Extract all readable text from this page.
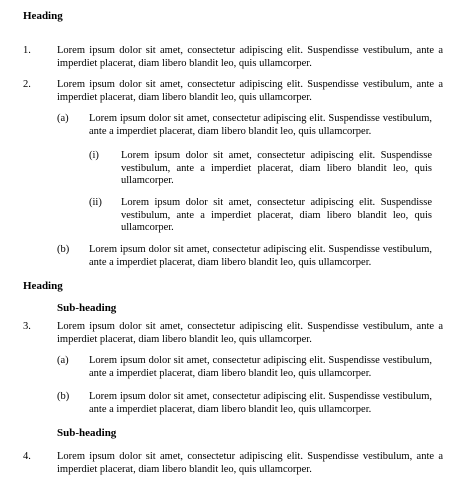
Heading
1. Lorem ipsum dolor sit amet, consectetur adipiscing elit. Suspendisse vestibulum, ante a imperdiet placerat, diam libero blandit leo, quis ullamcorper.

2. Lorem ipsum dolor sit amet, consectetur adipiscing elit. Suspendisse vestibulum, ante a imperdiet placerat, diam libero blandit leo, quis ullamcorper.

(a) Lorem ipsum dolor sit amet, consectetur adipiscing elit. Suspendisse vestibulum, ante a imperdiet placerat, diam libero blandit leo, quis ullamcorper.

(i) Lorem ipsum dolor sit amet, consectetur adipiscing elit. Suspendisse vestibulum, ante a imperdiet placerat, diam libero blandit leo, quis ullamcorper.

(ii) Lorem ipsum dolor sit amet, consectetur adipiscing elit. Suspendisse vestibulum, ante a imperdiet placerat, diam libero blandit leo, quis ullamcorper.

(b) Lorem ipsum dolor sit amet, consectetur adipiscing elit. Suspendisse vestibulum, ante a imperdiet placerat, diam libero blandit leo, quis ullamcorper.

Heading
Sub-heading
3. Lorem ipsum dolor sit amet, consectetur adipiscing elit. Suspendisse vestibulum, ante a imperdiet placerat, diam libero blandit leo, quis ullamcorper.

(a) Lorem ipsum dolor sit amet, consectetur adipiscing elit. Suspendisse vestibulum, ante a imperdiet placerat, diam libero blandit leo, quis ullamcorper.

(b) Lorem ipsum dolor sit amet, consectetur adipiscing elit. Suspendisse vestibulum, ante a imperdiet placerat, diam libero blandit leo, quis ullamcorper.

Sub-heading
4. Lorem ipsum dolor sit amet, consectetur adipiscing elit. Suspendisse vestibulum, ante a imperdiet placerat, diam libero blandit leo, quis ullamcorper.
